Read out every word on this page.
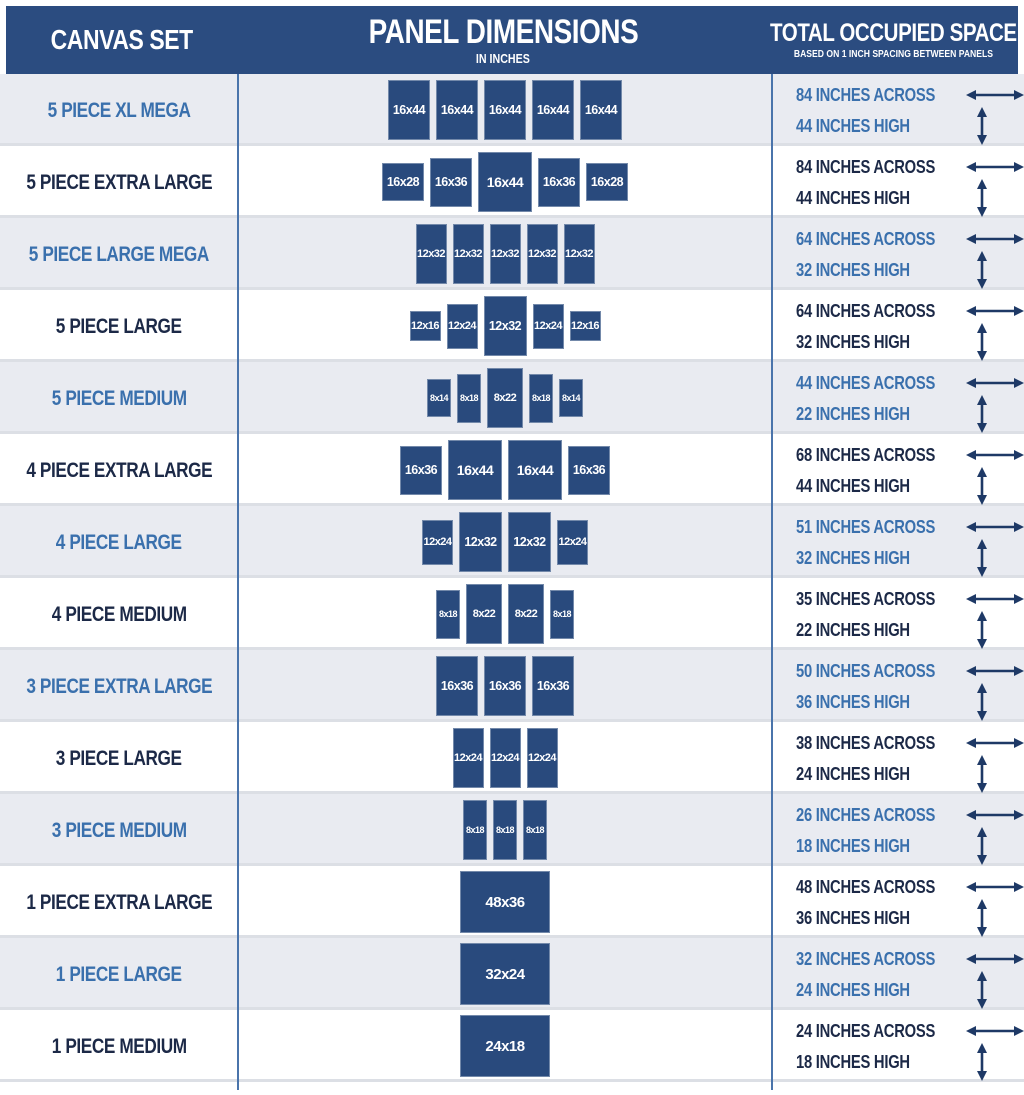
CANVAS SET	PANEL DIMENSIONS
IN INCHES
TOTAL OCCUPIED SPACE
BASED ON 1 INCH SPACING BETWEEN PANELS
5 PIECE XL MEGA	16x44 16x44 16x44 16x44 16x44
84 INCHES ACROSS
44 INCHES HIGH
5 PIECE EXTRA LARGE	16x28 16x36 16x44 16x36 16x28
84 INCHES ACROSS
44 INCHES HIGH
5 PIECE LARGE MEGA	12x32 12x32 12x32 12x32 12x32
64 INCHES ACROSS
32 INCHES HIGH
5 PIECE LARGE	12x16 12x24 12x32 12x24 12x16
64 INCHES ACROSS
32 INCHES HIGH
5 PIECE MEDIUM	8x14 8x18 8x22 8x18 8x14
44 INCHES ACROSS
22 INCHES HIGH
4 PIECE EXTRA LARGE	16x36 16x44 16x44 16x36
68 INCHES ACROSS
44 INCHES HIGH
4 PIECE LARGE	12x24 12x32 12x32 12x24
51 INCHES ACROSS
32 INCHES HIGH
4 PIECE MEDIUM	8x18 8x22 8x22 8x18
35 INCHES ACROSS
22 INCHES HIGH
3 PIECE EXTRA LARGE	16x36 16x36 16x36
50 INCHES ACROSS
36 INCHES HIGH
3 PIECE LARGE	12x24 12x24 12x24
38 INCHES ACROSS
24 INCHES HIGH
3 PIECE MEDIUM	8x18 8x18 8x18
26 INCHES ACROSS
18 INCHES HIGH
1 PIECE EXTRA LARGE	48x36
48 INCHES ACROSS
36 INCHES HIGH
1 PIECE LARGE	32x24
32 INCHES ACROSS
24 INCHES HIGH
1 PIECE MEDIUM	24x18
24 INCHES ACROSS
18 INCHES HIGH
